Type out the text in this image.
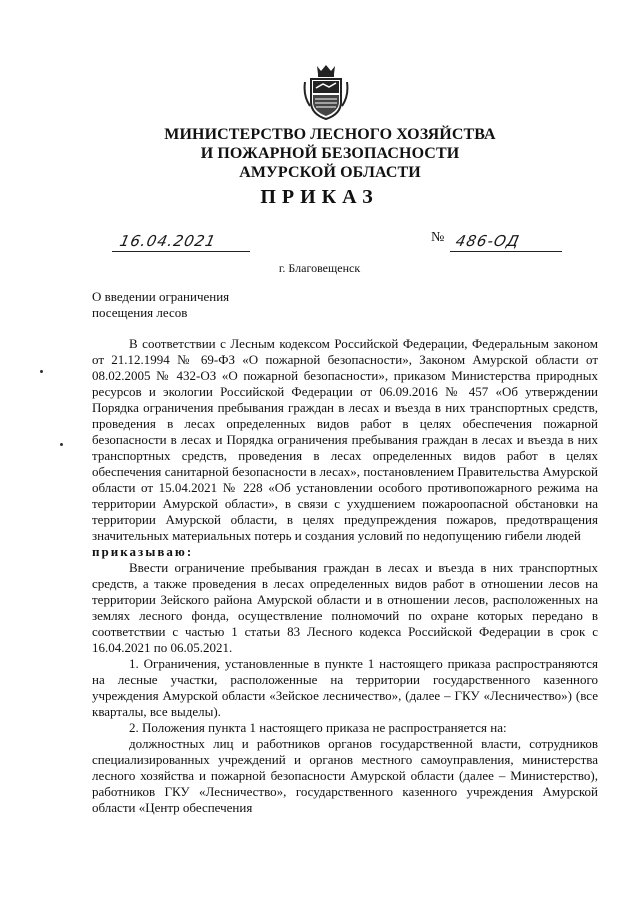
МИНИСТЕРСТВО ЛЕСНОГО ХОЗЯЙСТВА
И ПОЖАРНОЙ БЕЗОПАСНОСТИ
АМУРСКОЙ ОБЛАСТИ
ПРИКАЗ
16.04.2021	№ 486-ОД
г. Благовещенск
О введении ограничения
посещения лесов

В соответствии с Лесным кодексом Российской Федерации, Федеральным законом от 21.12.1994 № 69-ФЗ «О пожарной безопасности», Законом Амурской области от 08.02.2005 № 432-ОЗ «О пожарной безопасности», приказом Министерства природных ресурсов и экологии Российской Федерации от 06.09.2016 № 457 «Об утверждении Порядка ограничения пребывания граждан в лесах и въезда в них транспортных средств, проведения в лесах определенных видов работ в целях обеспечения пожарной безопасности в лесах и Порядка ограничения пребывания граждан в лесах и въезда в них транспортных средств, проведения в лесах определенных видов работ в целях обеспечения санитарной безопасности в лесах», постановлением Правительства Амурской области от 15.04.2021 № 228 «Об установлении особого противопожарного режима на территории Амурской области», в связи с ухудшением пожароопасной обстановки на территории Амурской области, в целях предупреждения пожаров, предотвращения значительных материальных потерь и создания условий по недопущению гибели людей

приказываю:

Ввести ограничение пребывания граждан в лесах и въезда в них транспортных средств, а также проведения в лесах определенных видов работ в отношении лесов на территории Зейского района Амурской области и в отношении лесов, расположенных на землях лесного фонда, осуществление полномочий по охране которых передано в соответствии с частью 1 статьи 83 Лесного кодекса Российской Федерации в срок с 16.04.2021 по 06.05.2021.

1. Ограничения, установленные в пункте 1 настоящего приказа распространяются на лесные участки, расположенные на территории государственного казенного учреждения Амурской области «Зейское лесничество», (далее – ГКУ «Лесничество») (все кварталы, все выделы).

2. Положения пункта 1 настоящего приказа не распространяется на:

должностных лиц и работников органов государственной власти, сотрудников специализированных учреждений и органов местного самоуправления, министерства лесного хозяйства и пожарной безопасности Амурской области (далее – Министерство), работников ГКУ «Лесничество», государственного казенного учреждения Амурской области «Центр обеспечения
